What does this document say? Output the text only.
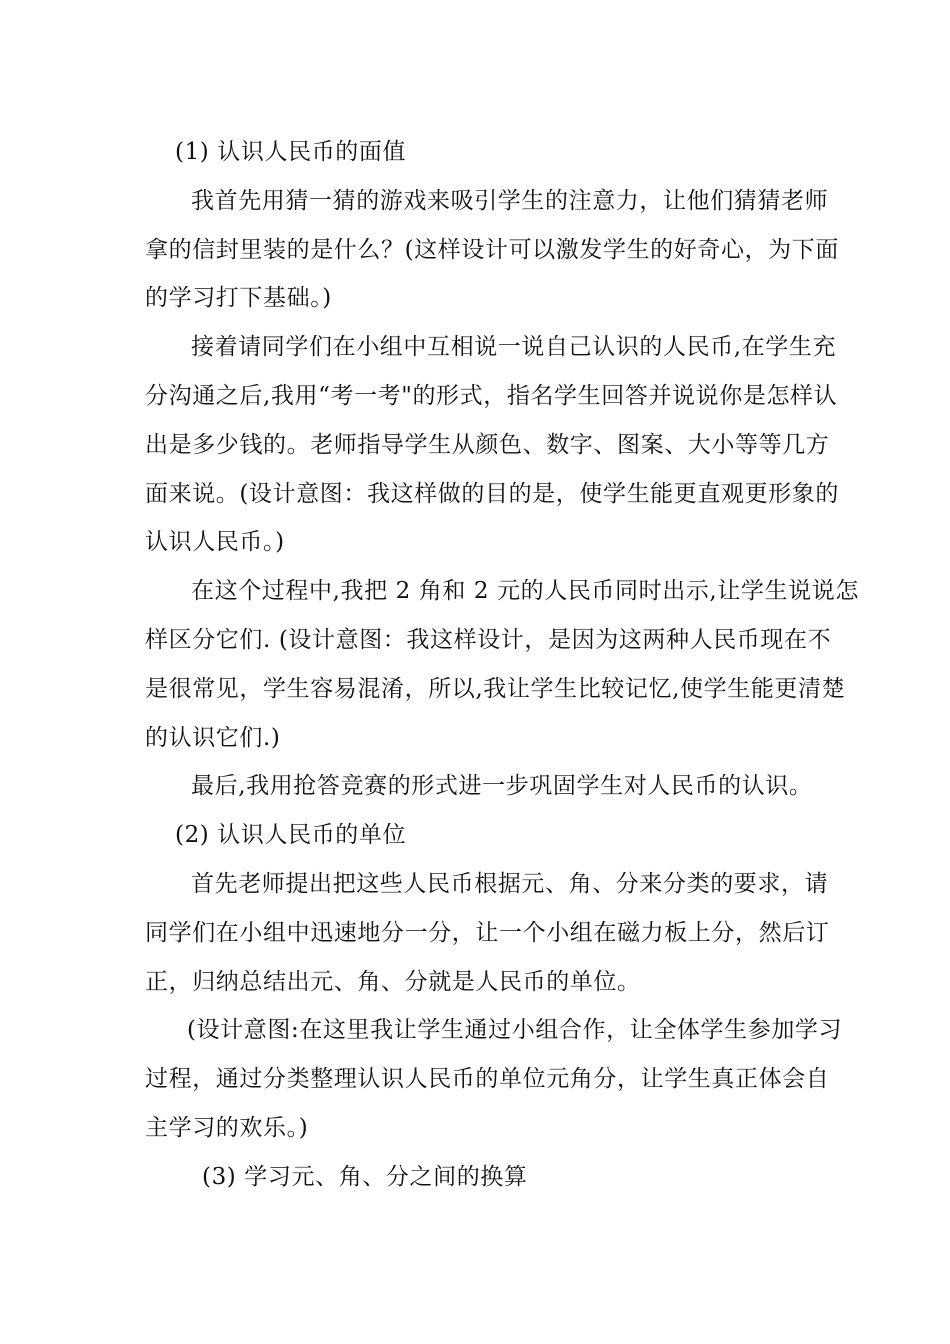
(1) 认识人民币的面值
我首先用猜一猜的游戏来吸引学生的注意力，让他们猜猜老师
拿的信封里装的是什么？(这样设计可以激发学生的好奇心，为下面
的学习打下基础。)
接着请同学们在小组中互相说一说自己认识的人民币,在学生充
分沟通之后,我用“考一考"的形式，指名学生回答并说说你是怎样认
出是多少钱的。老师指导学生从颜色、数字、图案、大小等等几方
面来说。(设计意图：我这样做的目的是，使学生能更直观更形象的
认识人民币。)
在这个过程中,我把 2 角和 2 元的人民币同时出示,让学生说说怎
样区分它们. (设计意图：我这样设计，是因为这两种人民币现在不
是很常见，学生容易混淆，所以,我让学生比较记忆,使学生能更清楚
的认识它们.)
最后,我用抢答竞赛的形式进一步巩固学生对人民币的认识。
(2) 认识人民币的单位
首先老师提出把这些人民币根据元、角、分来分类的要求，请
同学们在小组中迅速地分一分，让一个小组在磁力板上分，然后订
正，归纳总结出元、角、分就是人民币的单位。
(设计意图:在这里我让学生通过小组合作，让全体学生参加学习
过程，通过分类整理认识人民币的单位元角分，让学生真正体会自
主学习的欢乐。)
(3) 学习元、角、分之间的换算
